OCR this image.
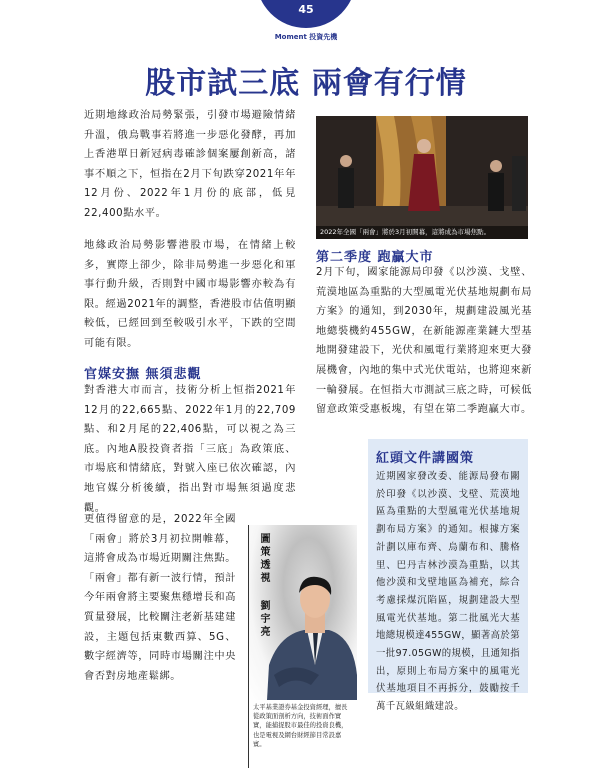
45
Moment 投資先機
股市試三底 兩會有行情

近期地緣政治局勢緊張，引發市場避險情緒升溫，俄烏戰事若將進一步惡化發酵，再加上香港單日新冠病毒確診個案屢創新高，諸事不順之下，恒指在2月下旬跌穿2021年年12月份、2022年1月份的底部，低見22,400點水平。

地緣政治局勢影響港股市場，在情緒上較多，實際上卻少，除非局勢進一步惡化和軍事行動升級，否則對中國市場影響亦較為有限。經過2021年的調整，香港股市估值明顯較低，已經回到至較吸引水平，下跌的空間可能有限。

官媒安撫 無須悲觀

對香港大市而言，技術分析上恒指2021年12月的22,665點、2022年1月的22,709點、和2月尾的22,406點，可以視之為三底。內地A股投資者指「三底」為政策底、市場底和情緒底，對號入座已依次確認，內地官媒分析後續，指出對市場無須過度悲觀。

更值得留意的是，2022年全國「兩會」將於3月初拉開帷幕，這將會成為市場近期關注焦點。「兩會」都有新一波行情，預計今年兩會將主要聚焦穩增長和高質量發展，比較關注老新基建建設，主題包括東數西算、5G、數字經濟等，同時市場關注中央會否對房地產鬆綁。

2022年全國「兩會」將於3月初開幕，這將成為市場焦點。
第二季度 跑贏大市

2月下旬，國家能源局印發《以沙漠、戈壁、荒漠地區為重點的大型風電光伏基地規劃布局方案》的通知，到2030年，規劃建設風光基地總裝機約455GW，在新能源產業鏈大型基地開發建設下，光伏和風電行業將迎來更大發展機會，內地的集中式光伏電站，也將迎來新一輪發展。在恒指大市測試三底之時，可候低留意政策受惠板塊，有望在第二季跑贏大市。

紅頭文件講國策

近期國家發改委、能源局發布關於印發《以沙漠、戈壁、荒漠地區為重點的大型風電光伏基地規劃布局方案》的通知。根據方案計劃以庫布齊、烏蘭布和、騰格里、巴丹吉林沙漠為重點，以其他沙漠和戈壁地區為補充，綜合考慮採煤沉陷區，規劃建設大型風電光伏基地。第二批風光大基地總規模達455GW，顯著高於第一批97.05GW的規模，且通知指出，原則上布局方案中的風電光伏基地項目不再拆分，鼓勵按千萬千瓦級組織建設。

圖策透視
劉宇亮
太平基業證券基金投資經理，擅長從政策面剖析方向，技術面作實實，能捕捉股市最佳的投資良機，也是電視及網台財經節目常設嘉賓。
